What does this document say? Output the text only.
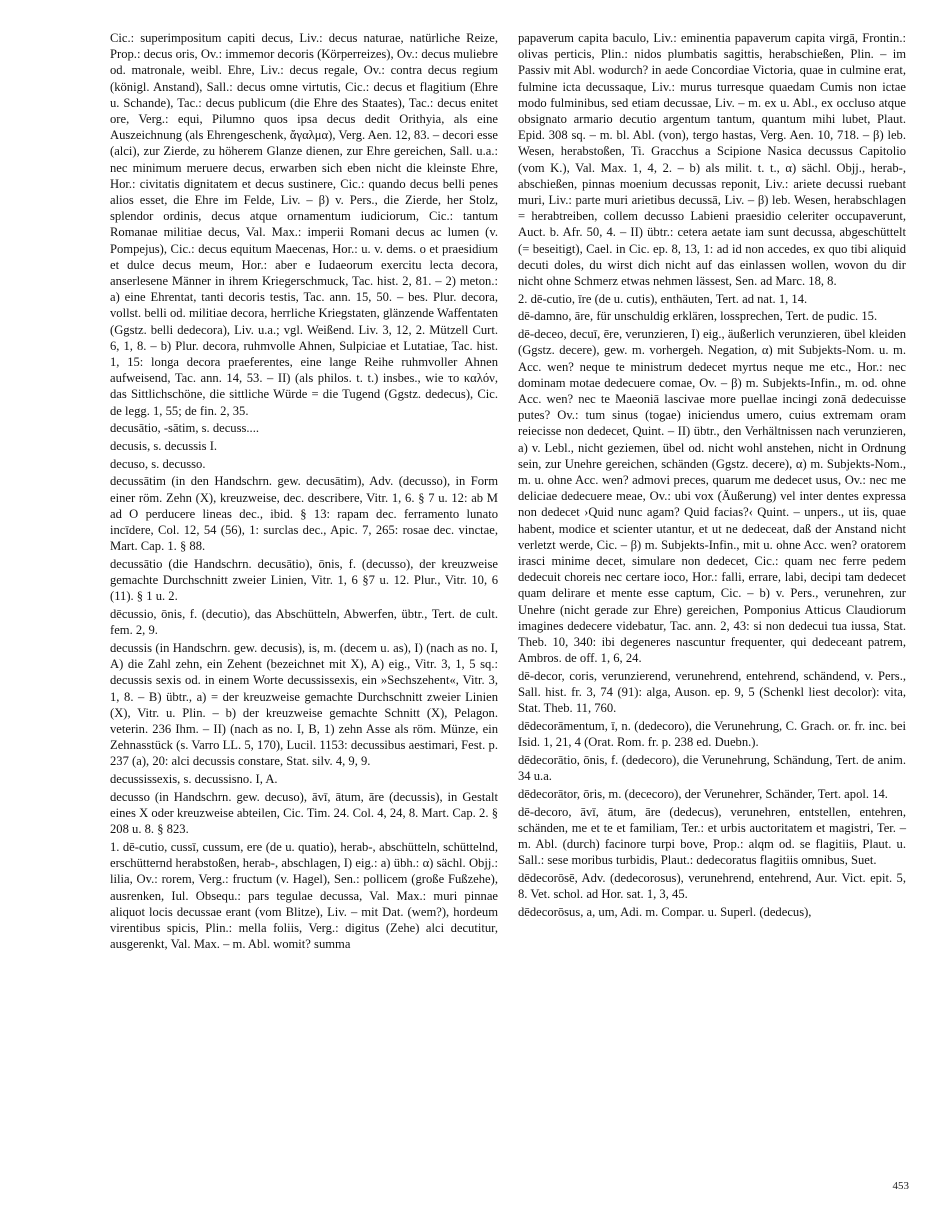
Cic.: superimpositum capiti decus, Liv.: decus naturae, natürliche Reize, Prop.: decus oris, Ov.: immemor decoris (Körperreizes), Ov.: decus muliebre od. matronale, weibl. Ehre, Liv.: decus regale, Ov.: contra decus regium (königl. Anstand), Sall.: decus omne virtutis, Cic.: decus et flagitium (Ehre u. Schande), Tac.: decus publicum (die Ehre des Staates), Tac.: decus enitet ore, Verg.: equi, Pilumno quos ipsa decus dedit Orithyia, als eine Auszeichnung (als Ehrengeschenk, ἄγαλμα), Verg. Aen. 12, 83. – decori esse (alci), zur Zierde, zu höherem Glanze dienen, zur Ehre gereichen, Sall. u.a.: nec minimum meruere decus, erwarben sich eben nicht die kleinste Ehre, Hor.: civitatis dignitatem et decus sustinere, Cic.: quando decus belli penes alios esset, die Ehre im Felde, Liv. – β) v. Pers., die Zierde, her Stolz, splendor ordinis, decus atque ornamentum iudiciorum, Cic.: tantum Romanae militiae decus, Val. Max.: imperii Romani decus ac lumen (v. Pompejus), Cic.: decus equitum Maecenas, Hor.: u. v. dems. o et praesidium et dulce decus meum, Hor.: aber e Iudaeorum exercitu lecta decora, anserlesene Männer in ihrem Kriegerschmuck, Tac. hist. 2, 81. – 2) meton.: a) eine Ehrentat, tanti decoris testis, Tac. ann. 15, 50. – bes. Plur. decora, vollst. belli od. militiae decora, herrliche Kriegstaten, glänzende Waffentaten (Ggstz. belli dedecora), Liv. u.a.; vgl. Weißend. Liv. 3, 12, 2. Mützell Curt. 6, 1, 8. – b) Plur. decora, ruhmvolle Ahnen, Sulpiciae et Lutatiae, Tac. hist. 1, 15: longa decora praeferentes, eine lange Reihe ruhmvoller Ahnen aufweisend, Tac. ann. 14, 53. – II) (als philos. t. t.) insbes., wie το καλόν, das Sittlichschöne, die sittliche Würde = die Tugend (Ggstz. dedecus), Cic. de legg. 1, 55; de fin. 2, 35.

decusātio, -sātim, s. decuss....

decusis, s. decussis I.

decuso, s. decusso.

decussātim (in den Handschrn. gew. decusātim), Adv. (decusso), in Form einer röm. Zehn (X), kreuzweise, dec. describere, Vitr. 1, 6. § 7 u. 12: ab M ad O perducere lineas dec., ibid. § 13: rapam dec. ferramento lunato incīdere, Col. 12, 54 (56), 1: surclas dec., Apic. 7, 265: rosae dec. vinctae, Mart. Cap. 1. § 88.

decussātio (die Handschrn. decusātio), ōnis, f. (decusso), der kreuzweise gemachte Durchschnitt zweier Linien, Vitr. 1, 6 §7 u. 12. Plur., Vitr. 10, 6 (11). § 1 u. 2.

dēcussio, ōnis, f. (decutio), das Abschütteln, Abwerfen, übtr., Tert. de cult. fem. 2, 9.

decussis (in Handschrn. gew. decusis), is, m. (decem u. as), I) (nach as no. I, A) die Zahl zehn, ein Zehent (bezeichnet mit X), A) eig., Vitr. 3, 1, 5 sq.: decussis sexis od. in einem Worte decussissexis, ein »Sechszehent«, Vitr. 3, 1, 8. – B) übtr., a) = der kreuzweise gemachte Durchschnitt zweier Linien (X), Vitr. u. Plin. – b) der kreuzweise gemachte Schnitt (X), Pelagon. veterin. 236 Ihm. – II) (nach as no. I, B, 1) zehn Asse als röm. Münze, ein Zehnasstück (s. Varro LL. 5, 170), Lucil. 1153: decussibus aestimari, Fest. p. 237 (a), 20: alci decussis constare, Stat. silv. 4, 9, 9.

decussissexis, s. decussisno. I, A.

decusso (in Handschrn. gew. decuso), āvī, ātum, āre (decussis), in Gestalt eines X oder kreuzweise abteilen, Cic. Tim. 24. Col. 4, 24, 8. Mart. Cap. 2. § 208 u. 8. § 823.

1. dē-cutio, cussī, cussum, ere (de u. quatio), herab-, abschütteln, schüttelnd, erschütternd herabstoßen, herab-, abschlagen, I) eig.: a) übh.: α) sächl. Objj.: lilia, Ov.: rorem, Verg.: fructum (v. Hagel), Sen.: pollicem (große Fußzehe), ausrenken, Iul. Obsequ.: pars tegulae decussa, Val. Max.: muri pinnae aliquot locis decussae erant (vom Blitze), Liv. – mit Dat. (wem?), hordeum virentibus spicis, Plin.: mella foliis, Verg.: digitus (Zehe) alci decutitur, ausgerenkt, Val. Max. – m. Abl. womit? summa

papaverum capita baculo, Liv.: eminentia papaverum capita virgā, Frontin.: olivas perticis, Plin.: nidos plumbatis sagittis, herabschießen, Plin. – im Passiv mit Abl. wodurch? in aede Concordiae Victoria, quae in culmine erat, fulmine icta decussaque, Liv.: murus turresque quaedam Cumis non ictae modo fulminibus, sed etiam decussae, Liv. – m. ex u. Abl., ex occluso atque obsignato armario decutio argentum tantum, quantum mihi lubet, Plaut. Epid. 308 sq. – m. bl. Abl. (von), tergo hastas, Verg. Aen. 10, 718. – β) leb. Wesen, herabstoßen, Ti. Gracchus a Scipione Nasica decussus Capitolio (vom K.), Val. Max. 1, 4, 2. – b) als milit. t. t., α) sächl. Objj., herab-, abschießen, pinnas moenium decussas reponit, Liv.: ariete decussi ruebant muri, Liv.: parte muri arietibus decussā, Liv. – β) leb. Wesen, herabschlagen = herabtreiben, collem decusso Labieni praesidio celeriter occupaverunt, Auct. b. Afr. 50, 4. – II) übtr.: cetera aetate iam sunt decussa, abgeschüttelt (= beseitigt), Cael. in Cic. ep. 8, 13, 1: ad id non accedes, ex quo tibi aliquid decuti doles, du wirst dich nicht auf das einlassen wollen, wovon du dir nicht ohne Schmerz etwas nehmen lässest, Sen. ad Marc. 18, 8.

2. dē-cutio, īre (de u. cutis), enthäuten, Tert. ad nat. 1, 14.

dē-damno, āre, für unschuldig erklären, lossprechen, Tert. de pudic. 15.

dē-deceo, decuī, ēre, verunzieren, I) eig., äußerlich verunzieren, übel kleiden (Ggstz. decere), gew. m. vorhergeh. Negation, α) mit Subjekts-Nom. u. m. Acc. wen? neque te ministrum dedecet myrtus neque me etc., Hor.: nec dominam motae dedecuere comae, Ov. – β) m. Subjekts-Infin., m. od. ohne Acc. wen? nec te Maeoniā lascivae more puellae incingi zonā dedecuisse putes? Ov.: tum sinus (togae) iniciendus umero, cuius extremam oram reiecisse non dedecet, Quint. – II) übtr., den Verhältnissen nach verunzieren, a) v. Lebl., nicht geziemen, übel od. nicht wohl anstehen, nicht in Ordnung sein, zur Unehre gereichen, schänden (Ggstz. decere), α) m. Subjekts-Nom., m. u. ohne Acc. wen? admovi preces, quarum me dedecet usus, Ov.: nec me deliciae dedecuere meae, Ov.: ubi vox (Äußerung) vel inter dentes expressa non dedecet ›Quid nunc agam? Quid facias?‹ Quint. – unpers., ut iis, quae habent, modice et scienter utantur, et ut ne dedeceat, daß der Anstand nicht verletzt werde, Cic. – β) m. Subjekts-Infin., mit u. ohne Acc. wen? oratorem irasci minime decet, simulare non dedecet, Cic.: quam nec ferre pedem dedecuit choreis nec certare ioco, Hor.: falli, errare, labi, decipi tam dedecet quam delirare et mente esse captum, Cic. – b) v. Pers., verunehren, zur Unehre (nicht gerade zur Ehre) gereichen, Pomponius Atticus Claudiorum imagines dedecere videbatur, Tac. ann. 2, 43: si non dedecui tua iussa, Stat. Theb. 10, 340: ibi degeneres nascuntur frequenter, qui dedeceant patrem, Ambros. de off. 1, 6, 24.

dē-decor, coris, verunzierend, verunehrend, entehrend, schändend, v. Pers., Sall. hist. fr. 3, 74 (91): alga, Auson. ep. 9, 5 (Schenkl liest decolor): vita, Stat. Theb. 11, 760.

dēdecorāmentum, ī, n. (dedecoro), die Verunehrung, C. Grach. or. fr. inc. bei Isid. 1, 21, 4 (Orat. Rom. fr. p. 238 ed. Duebn.).

dēdecorātio, ōnis, f. (dedecoro), die Verunehrung, Schändung, Tert. de anim. 34 u.a.

dēdecorātor, ōris, m. (dececoro), der Verunehrer, Schänder, Tert. apol. 14.

dē-decoro, āvī, ātum, āre (dedecus), verunehren, entstellen, entehren, schänden, me et te et familiam, Ter.: et urbis auctoritatem et magistri, Ter. – m. Abl. (durch) facinore turpi bove, Prop.: alqm od. se flagitiis, Plaut. u. Sall.: sese moribus turbidis, Plaut.: dedecoratus flagitiis omnibus, Suet.

dēdecorōsē, Adv. (dedecorosus), verunehrend, entehrend, Aur. Vict. epit. 5, 8. Vet. schol. ad Hor. sat. 1, 3, 45.

dēdecorōsus, a, um, Adi. m. Compar. u. Superl. (dedecus),

453
